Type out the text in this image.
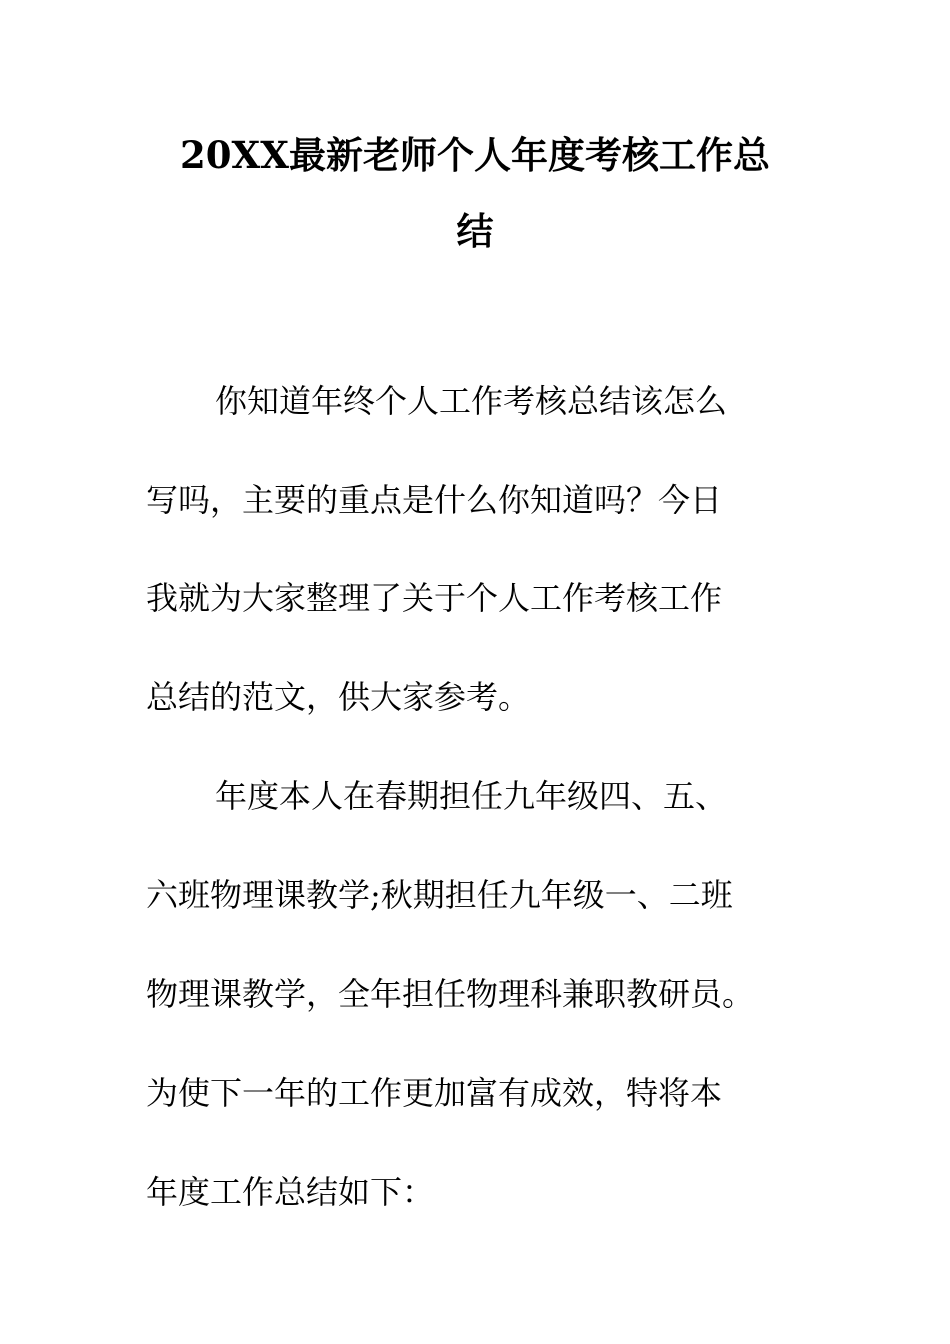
20XX最新老师个人年度考核工作总
结
你知道年终个人工作考核总结该怎么
写吗，主要的重点是什么你知道吗？今日
我就为大家整理了关于个人工作考核工作
总结的范文，供大家参考。
年度本人在春期担任九年级四、五、
六班物理课教学;秋期担任九年级一、二班
物理课教学，全年担任物理科兼职教研员。
为使下一年的工作更加富有成效，特将本
年度工作总结如下：
